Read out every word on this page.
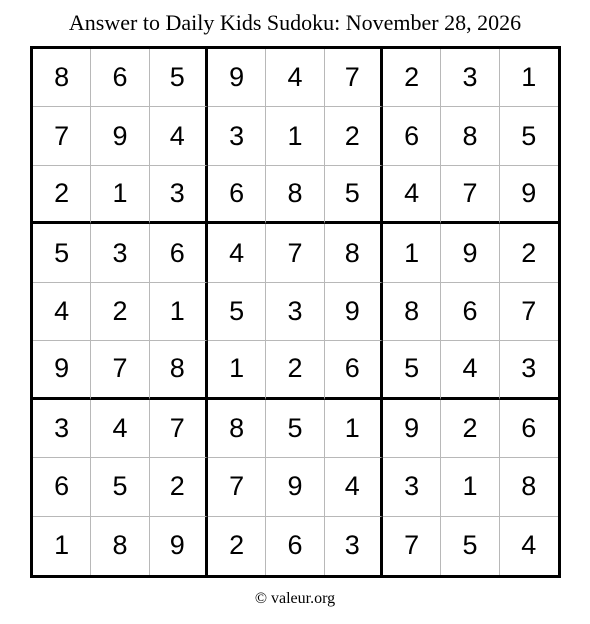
Answer to Daily Kids Sudoku: November 28, 2026
8	6	5	9	4	7	2	3	1
7	9	4	3	1	2	6	8	5
2	1	3	6	8	5	4	7	9
5	3	6	4	7	8	1	9	2
4	2	1	5	3	9	8	6	7
9	7	8	1	2	6	5	4	3
3	4	7	8	5	1	9	2	6
6	5	2	7	9	4	3	1	8
1	8	9	2	6	3	7	5	4
© valeur.org
